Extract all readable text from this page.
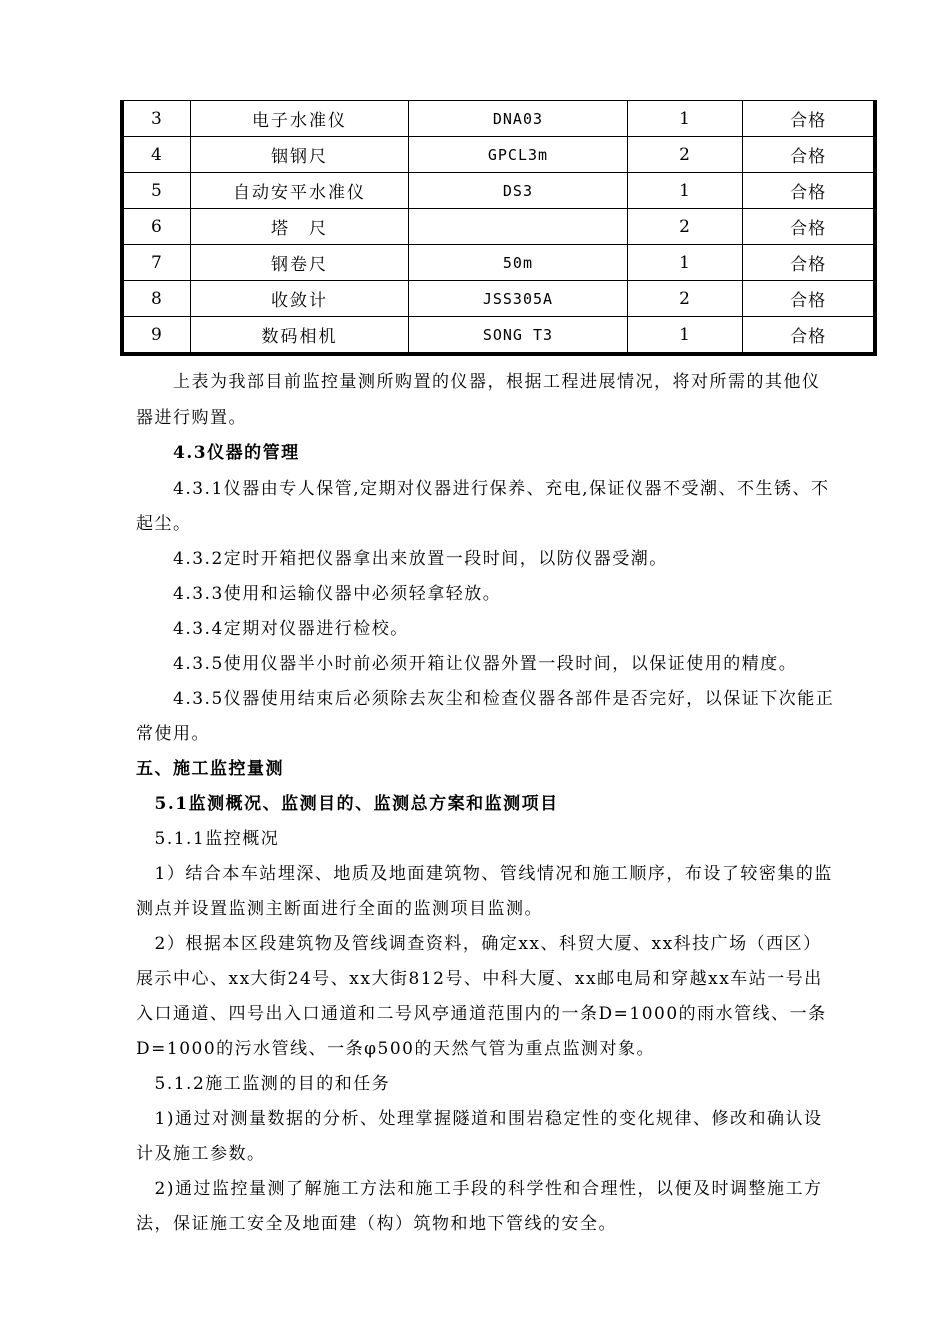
3	电子水准仪	DNA03	1	合格
4	铟钢尺	GPCL3m	2	合格
5	自动安平水准仪	DS3	1	合格
6	塔　尺		2	合格
7	钢卷尺	50m	1	合格
8	收敛计	JSS305A	2	合格
9	数码相机	SONG T3	1	合格
　　上表为我部目前监控量测所购置的仪器，根据工程进展情况，将对所需的其他仪
器进行购置。
　　4.3仪器的管理
　　4.3.1仪器由专人保管,定期对仪器进行保养、充电,保证仪器不受潮、不生锈、不
起尘。
　　4.3.2定时开箱把仪器拿出来放置一段时间，以防仪器受潮。
　　4.3.3使用和运输仪器中必须轻拿轻放。
　　4.3.4定期对仪器进行检校。
　　4.3.5使用仪器半小时前必须开箱让仪器外置一段时间，以保证使用的精度。
　　4.3.5仪器使用结束后必须除去灰尘和检查仪器各部件是否完好，以保证下次能正
常使用。
五、施工监控量测
　5.1监测概况、监测目的、监测总方案和监测项目
　5.1.1监控概况
　1）结合本车站埋深、地质及地面建筑物、管线情况和施工顺序，布设了较密集的监
测点并设置监测主断面进行全面的监测项目监测。
　2）根据本区段建筑物及管线调查资料，确定xx、科贸大厦、xx科技广场（西区）
展示中心、xx大街24号、xx大街812号、中科大厦、xx邮电局和穿越xx车站一号出
入口通道、四号出入口通道和二号风亭通道范围内的一条D=1000的雨水管线、一条
D=1000的污水管线、一条φ500的天然气管为重点监测对象。
　5.1.2施工监测的目的和任务
　1)通过对测量数据的分析、处理掌握隧道和围岩稳定性的变化规律、修改和确认设
计及施工参数。
　2)通过监控量测了解施工方法和施工手段的科学性和合理性，以便及时调整施工方
法，保证施工安全及地面建（构）筑物和地下管线的安全。
